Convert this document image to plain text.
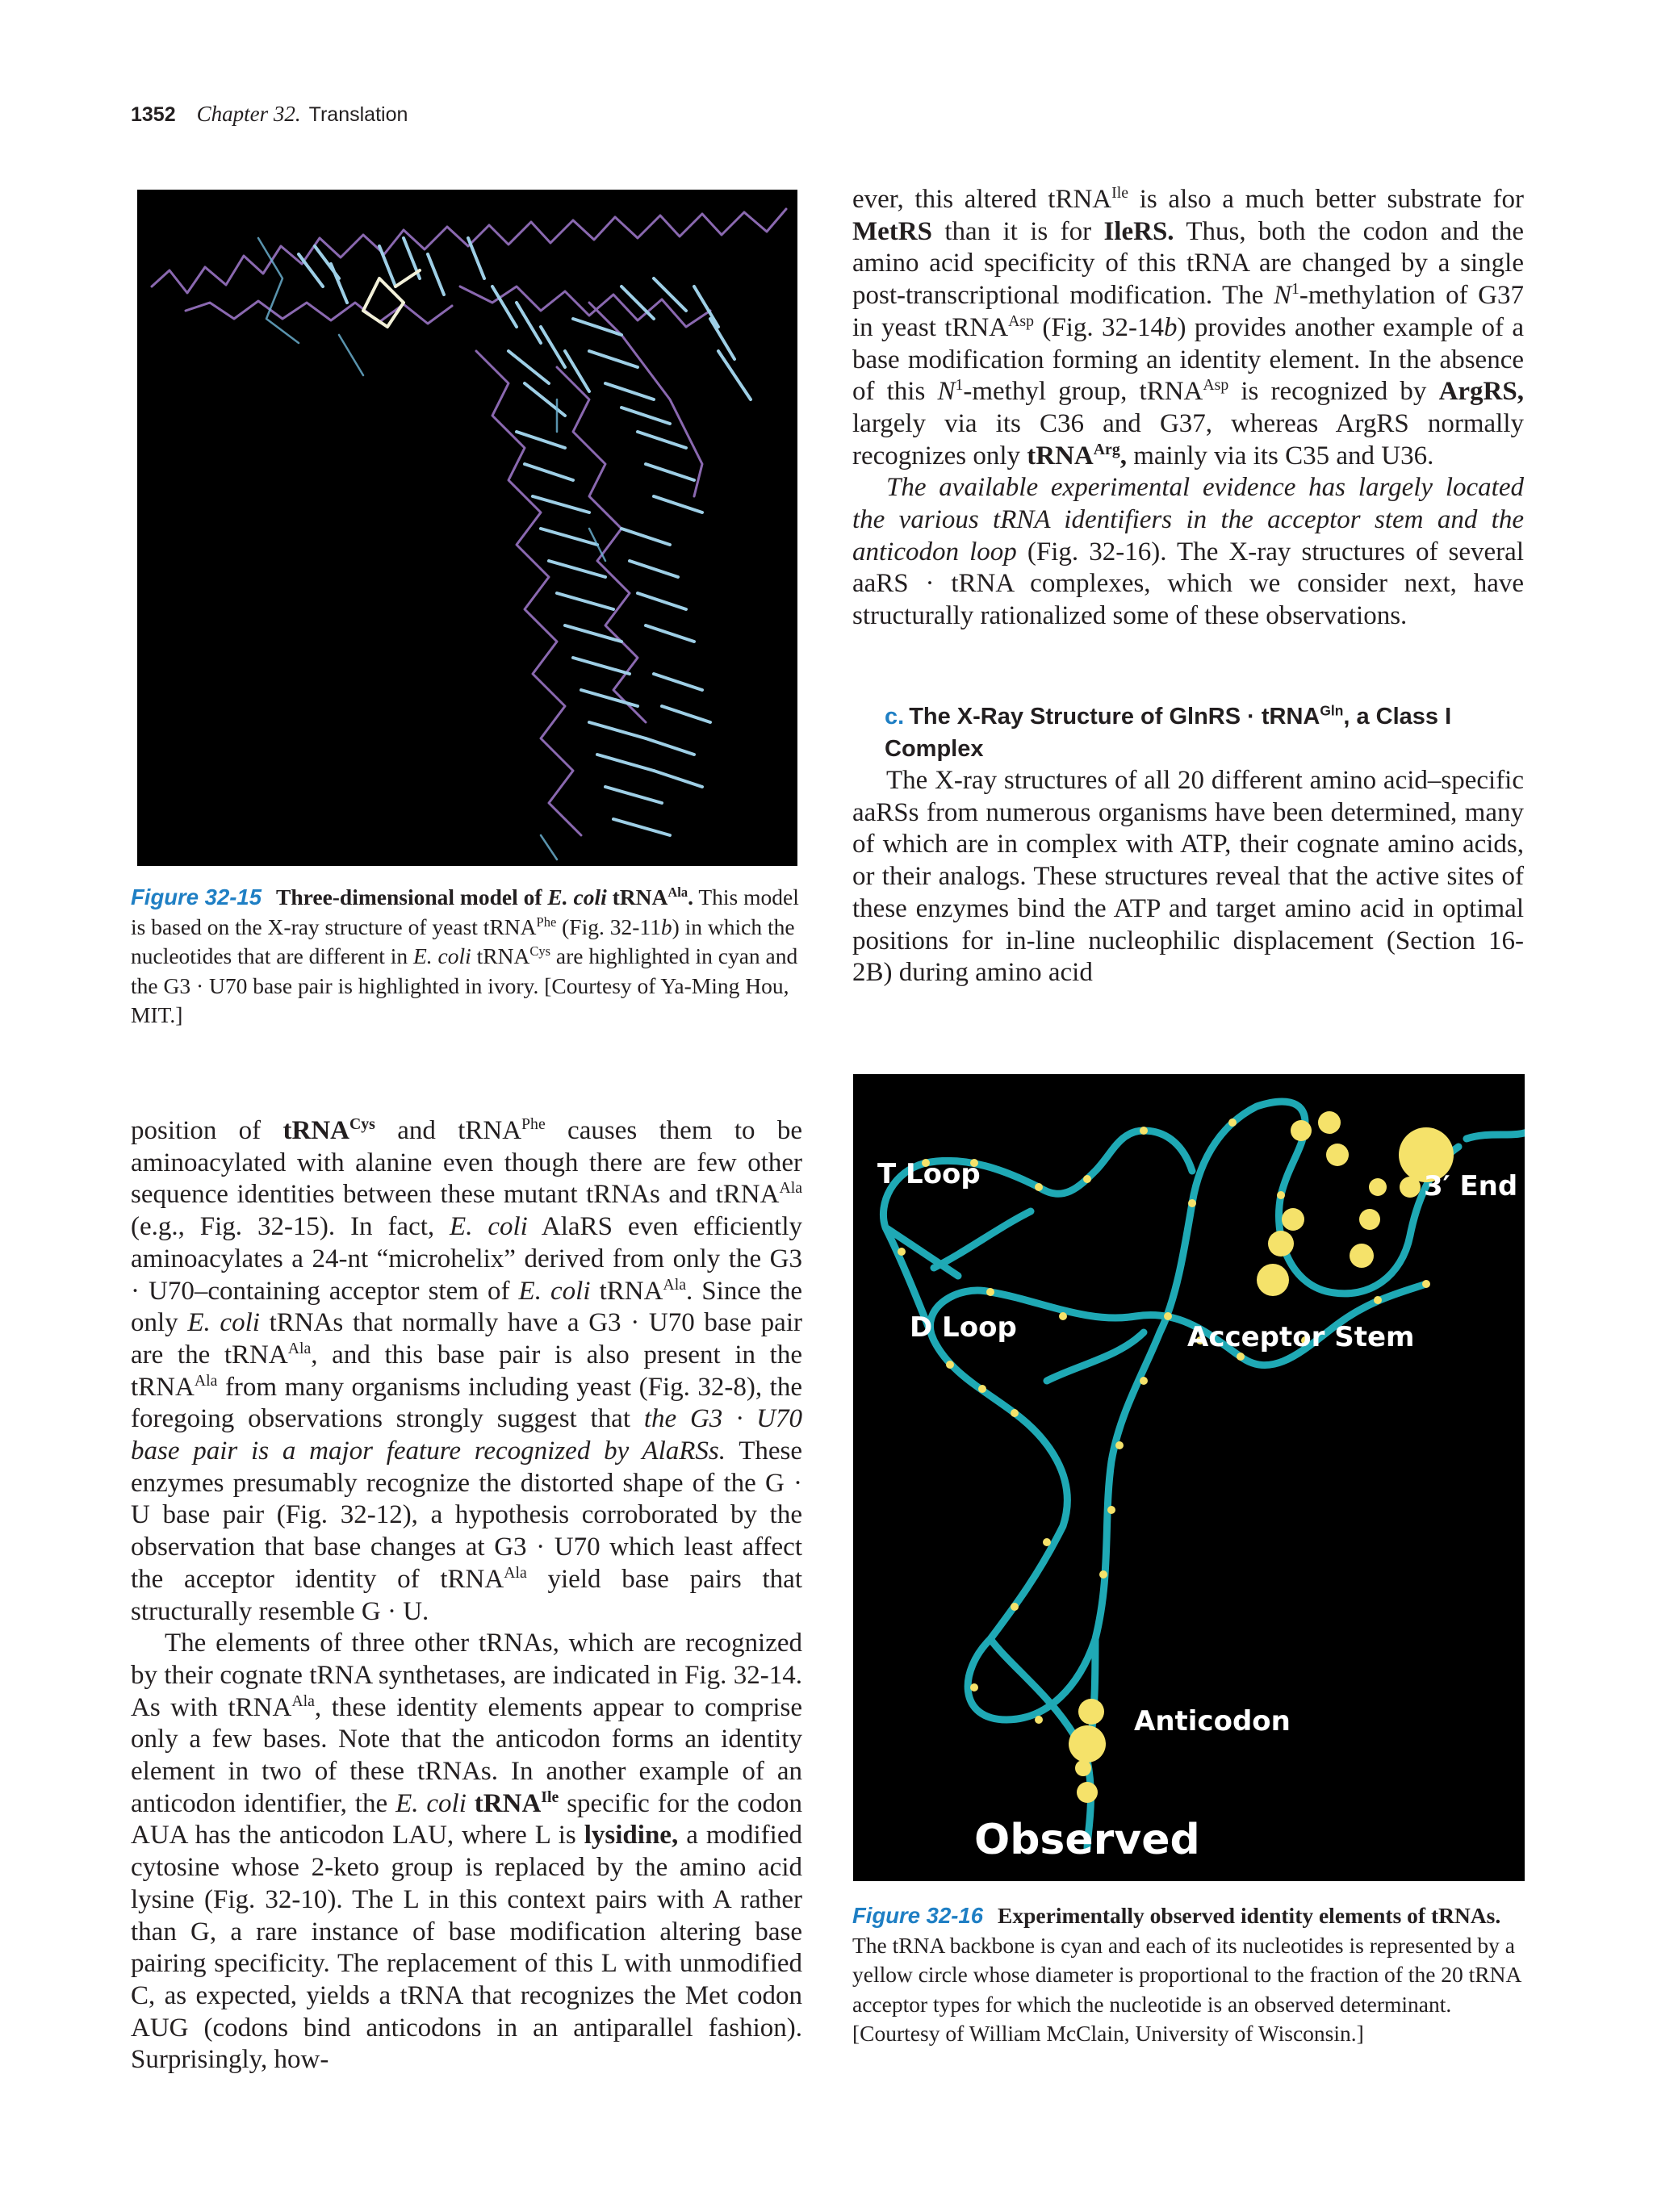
1352 Chapter 32. Translation
Figure 32-15 Three-dimensional model of E. coli tRNA$^{Ala}$. This model is based on the X-ray structure of yeast tRNA$^{Phe}$ (Fig. 32-11b) in which the nucleotides that are different in E. coli tRNA$^{Cys}$ are highlighted in cyan and the G3 · U70 base pair is highlighted in ivory. [Courtesy of Ya-Ming Hou, MIT.]

ever, this altered tRNA$^{Ile}$ is also a much better substrate for MetRS than it is for IleRS. Thus, both the codon and the amino acid specificity of this tRNA are changed by a single post-transcriptional modification. The $N^1$-methylation of G37 in yeast tRNA$^{Asp}$ (Fig. 32-14b) provides another example of a base modification forming an identity element. In the absence of this $N^1$-methyl group, tRNA$^{Asp}$ is recognized by ArgRS, largely via its C36 and G37, whereas ArgRS normally recognizes only tRNA$^{Arg}$, mainly via its C35 and U36.

The available experimental evidence has largely located the various tRNA identifiers in the acceptor stem and the anticodon loop (Fig. 32-16). The X-ray structures of several aaRS · tRNA complexes, which we consider next, have structurally rationalized some of these observations.

c. The X-Ray Structure of GlnRS · tRNA$^{Gln}$, a Class I Complex

The X-ray structures of all 20 different amino acid–specific aaRSs from numerous organisms have been determined, many of which are in complex with ATP, their cognate amino acids, or their analogs. These structures reveal that the active sites of these enzymes bind the ATP and target amino acid in optimal positions for in-line nucleophilic displacement (Section 16-2B) during amino acid

T Loop
D Loop
3′ End
Acceptor Stem
Anticodon
Observed
Figure 32-16 Experimentally observed identity elements of tRNAs. The tRNA backbone is cyan and each of its nucleotides is represented by a yellow circle whose diameter is proportional to the fraction of the 20 tRNA acceptor types for which the nucleotide is an observed determinant. [Courtesy of William McClain, University of Wisconsin.]

position of tRNA$^{Cys}$ and tRNA$^{Phe}$ causes them to be aminoacylated with alanine even though there are few other sequence identities between these mutant tRNAs and tRNA$^{Ala}$ (e.g., Fig. 32-15). In fact, E. coli AlaRS even efficiently aminoacylates a 24-nt “microhelix” derived from only the G3 · U70–containing acceptor stem of E. coli tRNA$^{Ala}$. Since the only E. coli tRNAs that normally have a G3 · U70 base pair are the tRNA$^{Ala}$, and this base pair is also present in the tRNA$^{Ala}$ from many organisms including yeast (Fig. 32-8), the foregoing observations strongly suggest that the G3 · U70 base pair is a major feature recognized by AlaRSs. These enzymes presumably recognize the distorted shape of the G · U base pair (Fig. 32-12), a hypothesis corroborated by the observation that base changes at G3 · U70 which least affect the acceptor identity of tRNA$^{Ala}$ yield base pairs that structurally resemble G · U.

The elements of three other tRNAs, which are recognized by their cognate tRNA synthetases, are indicated in Fig. 32-14. As with tRNA$^{Ala}$, these identity elements appear to comprise only a few bases. Note that the anticodon forms an identity element in two of these tRNAs. In another example of an anticodon identifier, the E. coli tRNA$^{Ile}$ specific for the codon AUA has the anticodon LAU, where L is lysidine, a modified cytosine whose 2-keto group is replaced by the amino acid lysine (Fig. 32-10). The L in this context pairs with A rather than G, a rare instance of base modification altering base pairing specificity. The replacement of this L with unmodified C, as expected, yields a tRNA that recognizes the Met codon AUG (codons bind anticodons in an antiparallel fashion). Surprisingly, how-
